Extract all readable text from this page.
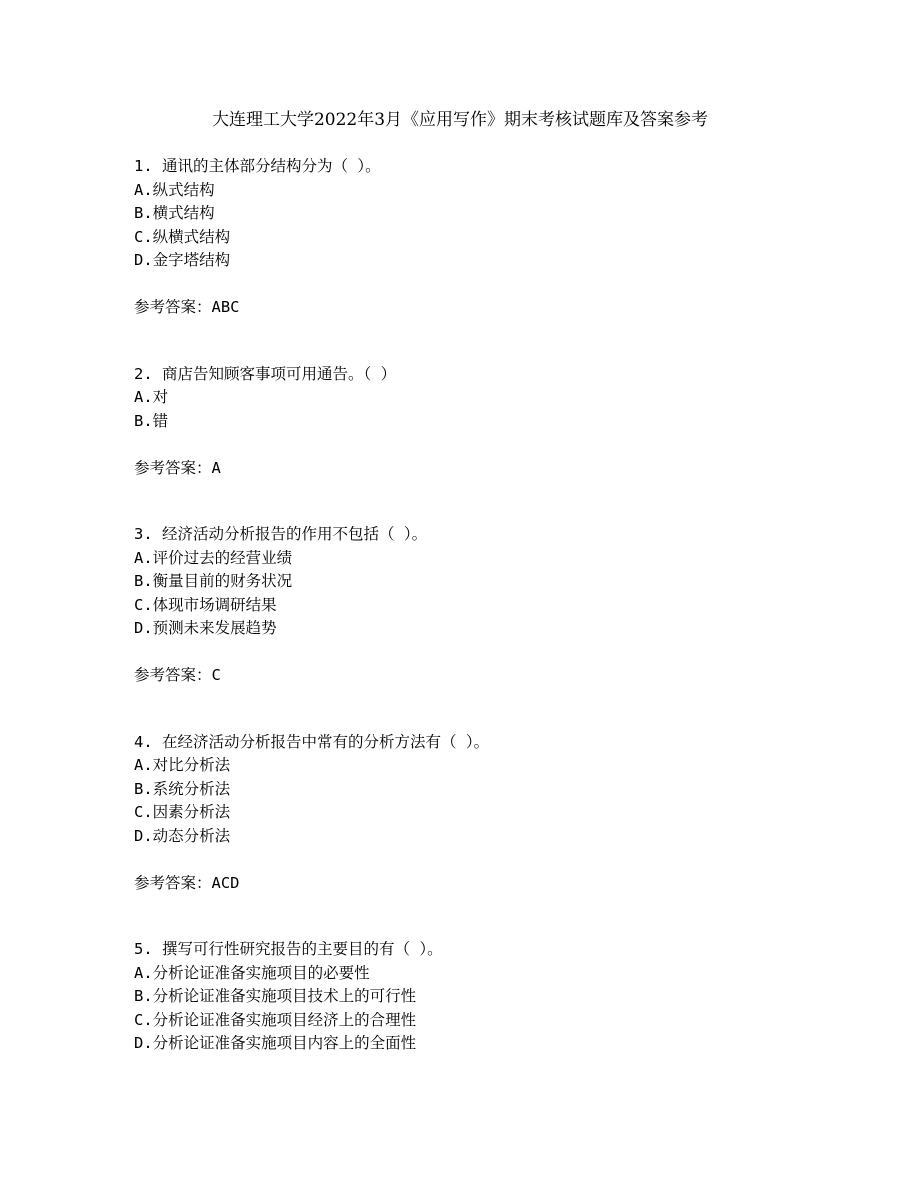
大连理工大学2022年3月《应用写作》期末考核试题库及答案参考
1. 通讯的主体部分结构分为（ ）。
A.纵式结构
B.横式结构
C.纵横式结构
D.金字塔结构
参考答案：ABC
2. 商店告知顾客事项可用通告。（ ）
A.对
B.错
参考答案：A
3. 经济活动分析报告的作用不包括（ ）。
A.评价过去的经营业绩
B.衡量目前的财务状况
C.体现市场调研结果
D.预测未来发展趋势
参考答案：C
4. 在经济活动分析报告中常有的分析方法有（ ）。
A.对比分析法
B.系统分析法
C.因素分析法
D.动态分析法
参考答案：ACD
5. 撰写可行性研究报告的主要目的有（ ）。
A.分析论证准备实施项目的必要性
B.分析论证准备实施项目技术上的可行性
C.分析论证准备实施项目经济上的合理性
D.分析论证准备实施项目内容上的全面性
